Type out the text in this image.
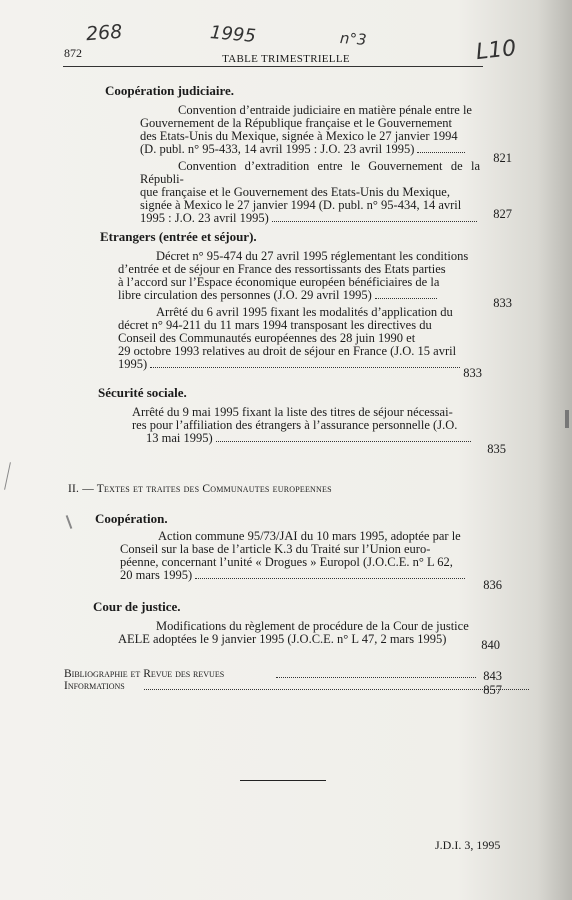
268	1995	n°3	L10
872	TABLE TRIMESTRIELLE
Coopération judiciaire.
Convention d’entraide judiciaire en matière pénale entre le
Gouvernement de la République française et le Gouvernement
des Etats-Unis du Mexique, signée à Mexico le 27 janvier 1994
(D. publ. n° 95-433, 14 avril 1995 : J.O. 23 avril 1995)
821
Convention d’extradition entre le Gouvernement de la Républi-
que française et le Gouvernement des Etats-Unis du Mexique,
signée à Mexico le 27 janvier 1994 (D. publ. n° 95-434, 14 avril
1995 : J.O. 23 avril 1995)	827
Etrangers (entrée et séjour).
Décret n° 95-474 du 27 avril 1995 réglementant les conditions
d’entrée et de séjour en France des ressortissants des Etats parties
à l’accord sur l’Espace économique européen bénéficiaires de la
libre circulation des personnes (J.O. 29 avril 1995)
833
Arrêté du 6 avril 1995 fixant les modalités d’application du
décret n° 94-211 du 11 mars 1994 transposant les directives du
Conseil des Communautés européennes des 28 juin 1990 et
29 octobre 1993 relatives au droit de séjour en France (J.O. 15 avril
1995)
833
Sécurité sociale.
Arrêté du 9 mai 1995 fixant la liste des titres de séjour nécessai-
res pour l’affiliation des étrangers à l’assurance personnelle (J.O.
13 mai 1995)
835
II. — Textes et traites des Communautes europeennes
Coopération.
Action commune 95/73/JAI du 10 mars 1995, adoptée par le
Conseil sur la base de l’article K.3 du Traité sur l’Union euro-
péenne, concernant l’unité « Drogues » Europol (J.O.C.E. n° L 62,
20 mars 1995)
836
Cour de justice.
Modifications du règlement de procédure de la Cour de justice
AELE adoptées le 9 janvier 1995 (J.O.C.E. n° L 47, 2 mars 1995)	840
Bibliographie et Revue des revues	843
Informations	857
J.D.I. 3, 1995
